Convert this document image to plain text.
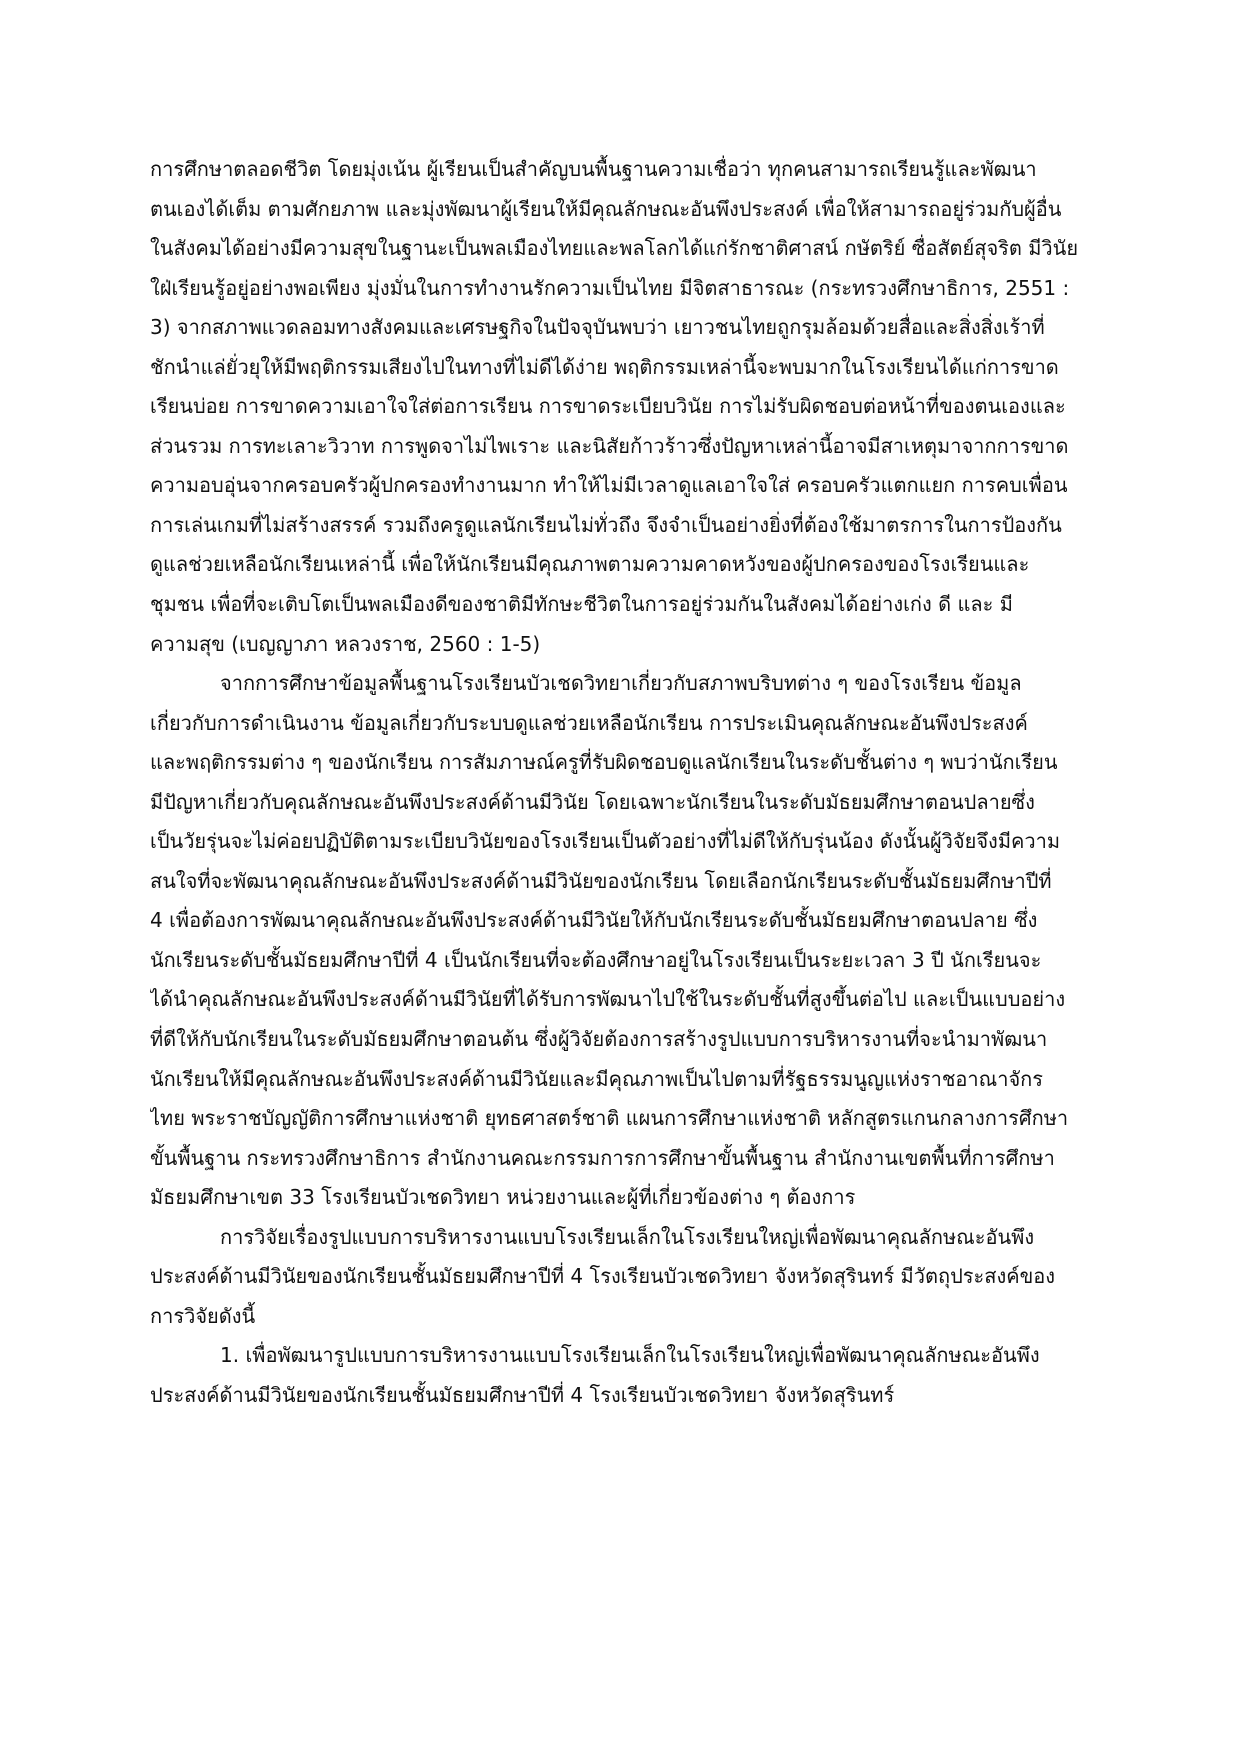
การศึกษาตลอดชีวิต โดยมุ่งเน้น ผู้เรียนเป็นสำคัญบนพื้นฐานความเชื่อว่า ทุกคนสามารถเรียนรู้และพัฒนา
ตนเองได้เต็ม ตามศักยภาพ และมุ่งพัฒนาผู้เรียนให้มีคุณลักษณะอันพึงประสงค์ เพื่อให้สามารถอยู่ร่วมกับผู้อื่น
ในสังคมได้อย่างมีความสุขในฐานะเป็นพลเมืองไทยและพลโลกได้แก่รักชาติศาสน์ กษัตริย์ ซื่อสัตย์สุจริต มีวินัย
ใฝ่เรียนรู้อยู่อย่างพอเพียง มุ่งมั่นในการทำงานรักความเป็นไทย มีจิตสาธารณะ (กระทรวงศึกษาธิการ, 2551 :
3) จากสภาพแวดลอมทางสังคมและเศรษฐกิจในปัจจุบันพบว่า เยาวชนไทยถูกรุมล้อมด้วยสื่อและสิ่งสิ่งเร้าที่
ชักนำแล่ยั่วยุให้มีพฤติกรรมเสียงไปในทางที่ไม่ดีได้ง่าย พฤติกรรมเหล่านี้จะพบมากในโรงเรียนได้แก่การขาด
เรียนบ่อย การขาดความเอาใจใส่ต่อการเรียน การขาดระเบียบวินัย การไม่รับผิดชอบต่อหน้าที่ของตนเองและ
ส่วนรวม การทะเลาะวิวาท การพูดจาไม่ไพเราะ และนิสัยก้าวร้าวซึ่งปัญหาเหล่านี้อาจมีสาเหตุมาจากการขาด
ความอบอุ่นจากครอบครัวผู้ปกครองทำงานมาก ทำให้ไม่มีเวลาดูแลเอาใจใส่ ครอบครัวแตกแยก การคบเพื่อน
การเล่นเกมที่ไม่สร้างสรรค์ รวมถึงครูดูแลนักเรียนไม่ทั่วถึง จึงจำเป็นอย่างยิ่งที่ต้องใช้มาตรการในการป้องกัน
ดูแลช่วยเหลือนักเรียนเหล่านี้ เพื่อให้นักเรียนมีคุณภาพตามความคาดหวังของผู้ปกครองของโรงเรียนและ
ชุมชน เพื่อที่จะเติบโตเป็นพลเมืองดีของชาติมีทักษะชีวิตในการอยู่ร่วมกันในสังคมได้อย่างเก่ง ดี และ มี
ความสุข (เบญญาภา หลวงราช, 2560 : 1-5)
จากการศึกษาข้อมูลพื้นฐานโรงเรียนบัวเชดวิทยาเกี่ยวกับสภาพบริบทต่าง ๆ ของโรงเรียน ข้อมูล
เกี่ยวกับการดำเนินงาน ข้อมูลเกี่ยวกับระบบดูแลช่วยเหลือนักเรียน การประเมินคุณลักษณะอันพึงประสงค์
และพฤติกรรมต่าง ๆ ของนักเรียน การสัมภาษณ์ครูที่รับผิดชอบดูแลนักเรียนในระดับชั้นต่าง ๆ พบว่านักเรียน
มีปัญหาเกี่ยวกับคุณลักษณะอันพึงประสงค์ด้านมีวินัย โดยเฉพาะนักเรียนในระดับมัธยมศึกษาตอนปลายซึ่ง
เป็นวัยรุ่นจะไม่ค่อยปฏิบัติตามระเบียบวินัยของโรงเรียนเป็นตัวอย่างที่ไม่ดีให้กับรุ่นน้อง ดังนั้นผู้วิจัยจึงมีความ
สนใจที่จะพัฒนาคุณลักษณะอันพึงประสงค์ด้านมีวินัยของนักเรียน โดยเลือกนักเรียนระดับชั้นมัธยมศึกษาปีที่
4 เพื่อต้องการพัฒนาคุณลักษณะอันพึงประสงค์ด้านมีวินัยให้กับนักเรียนระดับชั้นมัธยมศึกษาตอนปลาย ซึ่ง
นักเรียนระดับชั้นมัธยมศึกษาปีที่ 4 เป็นนักเรียนที่จะต้องศึกษาอยู่ในโรงเรียนเป็นระยะเวลา 3 ปี นักเรียนจะ
ได้นำคุณลักษณะอันพึงประสงค์ด้านมีวินัยที่ได้รับการพัฒนาไปใช้ในระดับชั้นที่สูงขึ้นต่อไป และเป็นแบบอย่าง
ที่ดีให้กับนักเรียนในระดับมัธยมศึกษาตอนต้น ซึ่งผู้วิจัยต้องการสร้างรูปแบบการบริหารงานที่จะนำมาพัฒนา
นักเรียนให้มีคุณลักษณะอันพึงประสงค์ด้านมีวินัยและมีคุณภาพเป็นไปตามที่รัฐธรรมนูญแห่งราชอาณาจักร
ไทย พระราชบัญญัติการศึกษาแห่งชาติ ยุทธศาสตร์ชาติ แผนการศึกษาแห่งชาติ หลักสูตรแกนกลางการศึกษา
ขั้นพื้นฐาน กระทรวงศึกษาธิการ สำนักงานคณะกรรมการการศึกษาขั้นพื้นฐาน สำนักงานเขตพื้นที่การศึกษา
มัธยมศึกษาเขต 33 โรงเรียนบัวเชดวิทยา หน่วยงานและผู้ที่เกี่ยวข้องต่าง ๆ ต้องการ
การวิจัยเรื่องรูปแบบการบริหารงานแบบโรงเรียนเล็กในโรงเรียนใหญ่เพื่อพัฒนาคุณลักษณะอันพึง
ประสงค์ด้านมีวินัยของนักเรียนชั้นมัธยมศึกษาปีที่ 4 โรงเรียนบัวเชดวิทยา จังหวัดสุรินทร์ มีวัตถุประสงค์ของ
การวิจัยดังนี้
1. เพื่อพัฒนารูปแบบการบริหารงานแบบโรงเรียนเล็กในโรงเรียนใหญ่เพื่อพัฒนาคุณลักษณะอันพึง
ประสงค์ด้านมีวินัยของนักเรียนชั้นมัธยมศึกษาปีที่ 4 โรงเรียนบัวเชดวิทยา จังหวัดสุรินทร์
